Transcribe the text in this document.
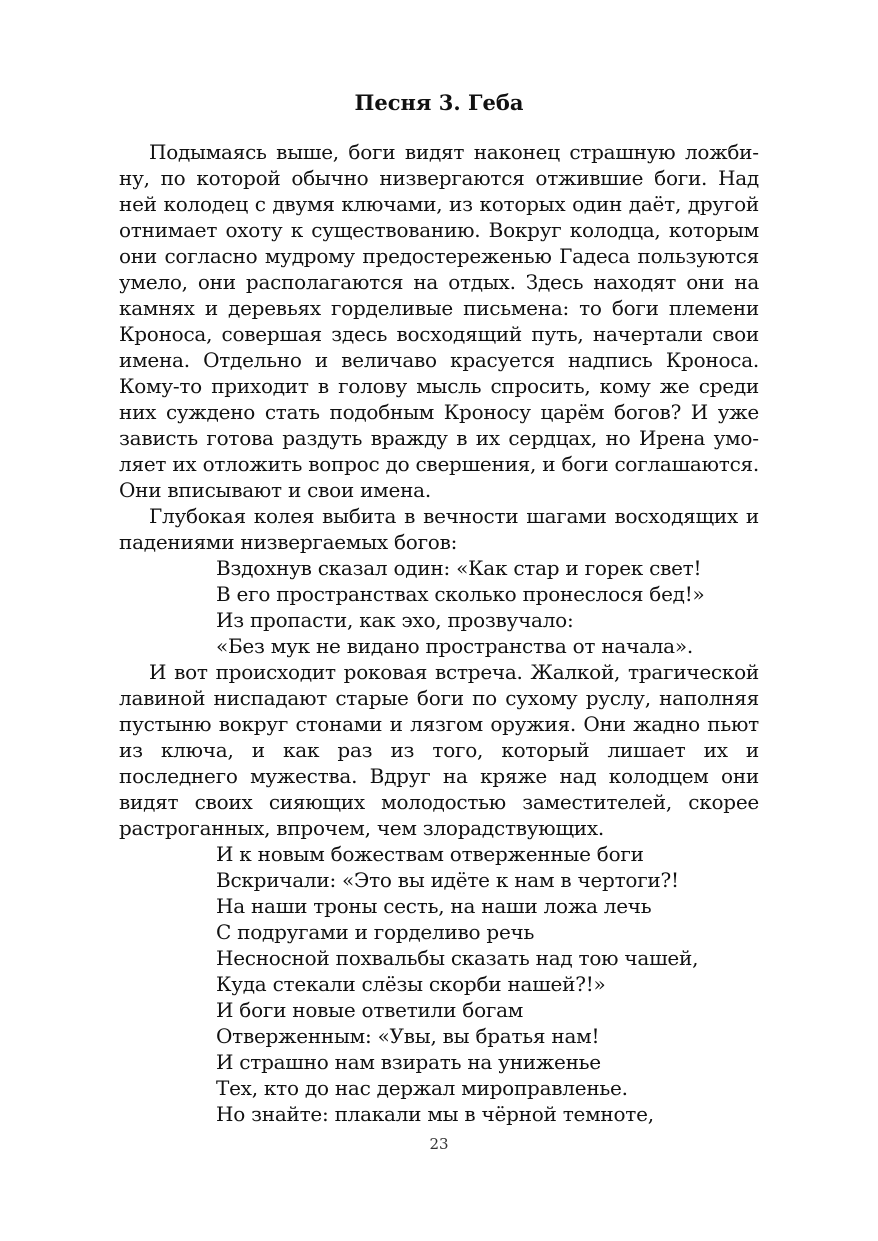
Песня 3. Геба

Подымаясь выше, боги видят наконец страшную ложбину, по которой обычно низвергаются отжившие боги. Над ней колодец с двумя ключами, из которых один даёт, другой отнимает охоту к существованию. Вокруг колодца, которым они согласно мудрому предостереженью Гадеса пользуются умело, они располагаются на отдых. Здесь находят они на камнях и деревьях горделивые письмена: то боги племени Кроноса, совершая здесь восходящий путь, начертали свои имена. Отдельно и величаво красуется надпись Кроноса. Кому-то приходит в голову мысль спросить, кому же среди них суждено стать подобным Кроносу царём богов? И уже зависть готова раздуть вражду в их сердцах, но Ирена умоляет их отложить вопрос до свершения, и боги соглашаются. Они вписывают и свои имена.

Глубокая колея выбита в вечности шагами восходящих и падениями низвергаемых богов:

Вздохнув сказал один: «Как стар и горек свет!
В его пространствах сколько пронеслося бед!»
Из пропасти, как эхо, прозвучало:
«Без мук не видано пространства от начала».

И вот происходит роковая встреча. Жалкой, трагической лавиной ниспадают старые боги по сухому руслу, наполняя пустыню вокруг стонами и лязгом оружия. Они жадно пьют из ключа, и как раз из того, который лишает их и последнего мужества. Вдруг на кряже над колодцем они видят своих сияющих молодостью заместителей, скорее растроганных, впрочем, чем злорадствующих.

И к новым божествам отверженные боги
Вскричали: «Это вы идёте к нам в чертоги?!
На наши троны сесть, на наши ложа лечь
С подругами и горделиво речь
Несносной похвальбы сказать над тою чашей,
Куда стекали слёзы скорби нашей?!»
И боги новые ответили богам
Отверженным: «Увы, вы братья нам!
И страшно нам взирать на униженье
Тех, кто до нас держал мироправленье.
Но знайте: плакали мы в чёрной темноте,
23
